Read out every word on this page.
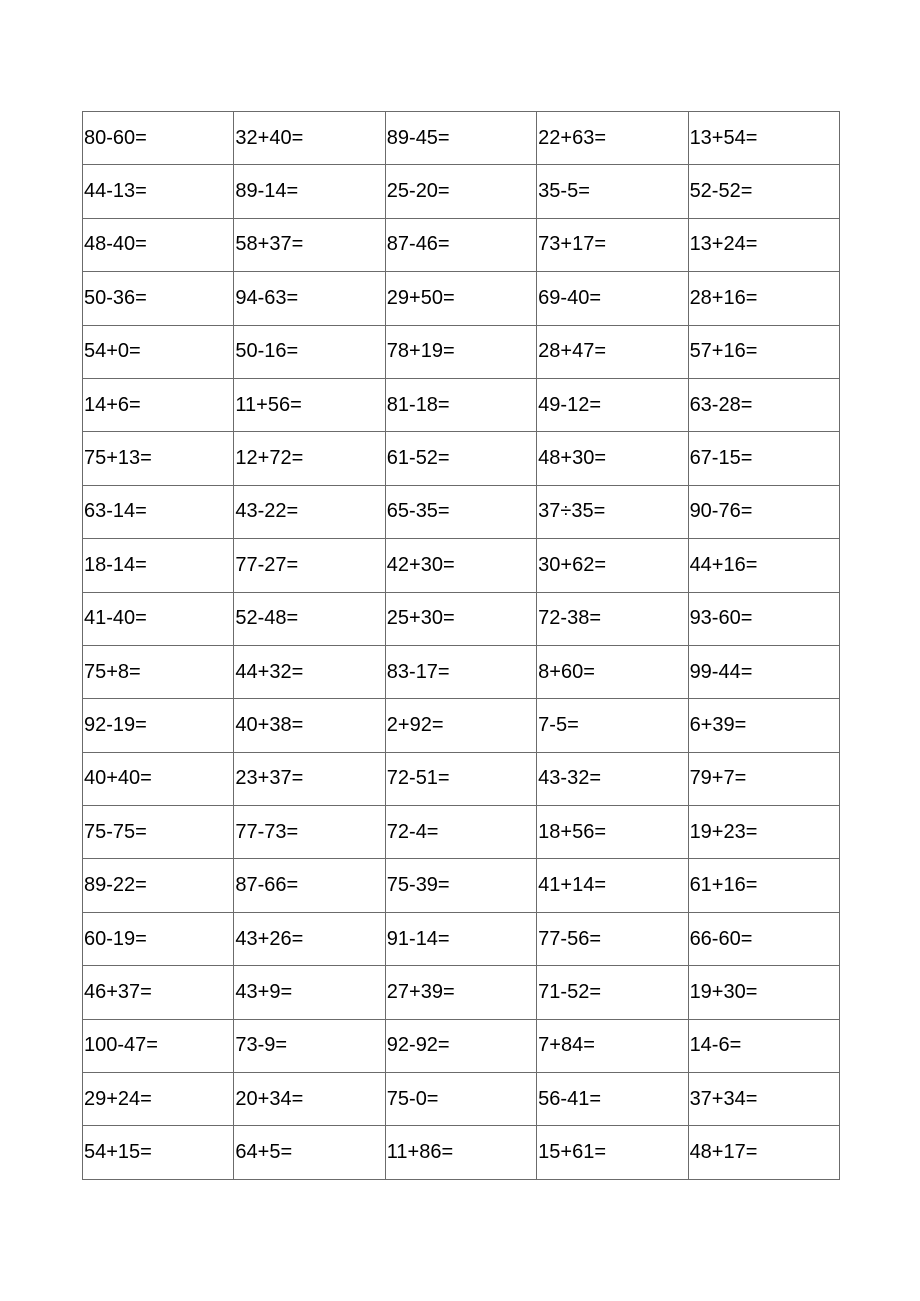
80-60=	32+40=	89-45=	22+63=	13+54=
44-13=	89-14=	25-20=	35-5=	52-52=
48-40=	58+37=	87-46=	73+17=	13+24=
50-36=	94-63=	29+50=	69-40=	28+16=
54+0=	50-16=	78+19=	28+47=	57+16=
14+6=	11+56=	81-18=	49-12=	63-28=
75+13=	12+72=	61-52=	48+30=	67-15=
63-14=	43-22=	65-35=	37÷35=	90-76=
18-14=	77-27=	42+30=	30+62=	44+16=
41-40=	52-48=	25+30=	72-38=	93-60=
75+8=	44+32=	83-17=	8+60=	99-44=
92-19=	40+38=	2+92=	7-5=	6+39=
40+40=	23+37=	72-51=	43-32=	79+7=
75-75=	77-73=	72-4=	18+56=	19+23=
89-22=	87-66=	75-39=	41+14=	61+16=
60-19=	43+26=	91-14=	77-56=	66-60=
46+37=	43+9=	27+39=	71-52=	19+30=
100-47=	73-9=	92-92=	7+84=	14-6=
29+24=	20+34=	75-0=	56-41=	37+34=
54+15=	64+5=	11+86=	15+61=	48+17=
